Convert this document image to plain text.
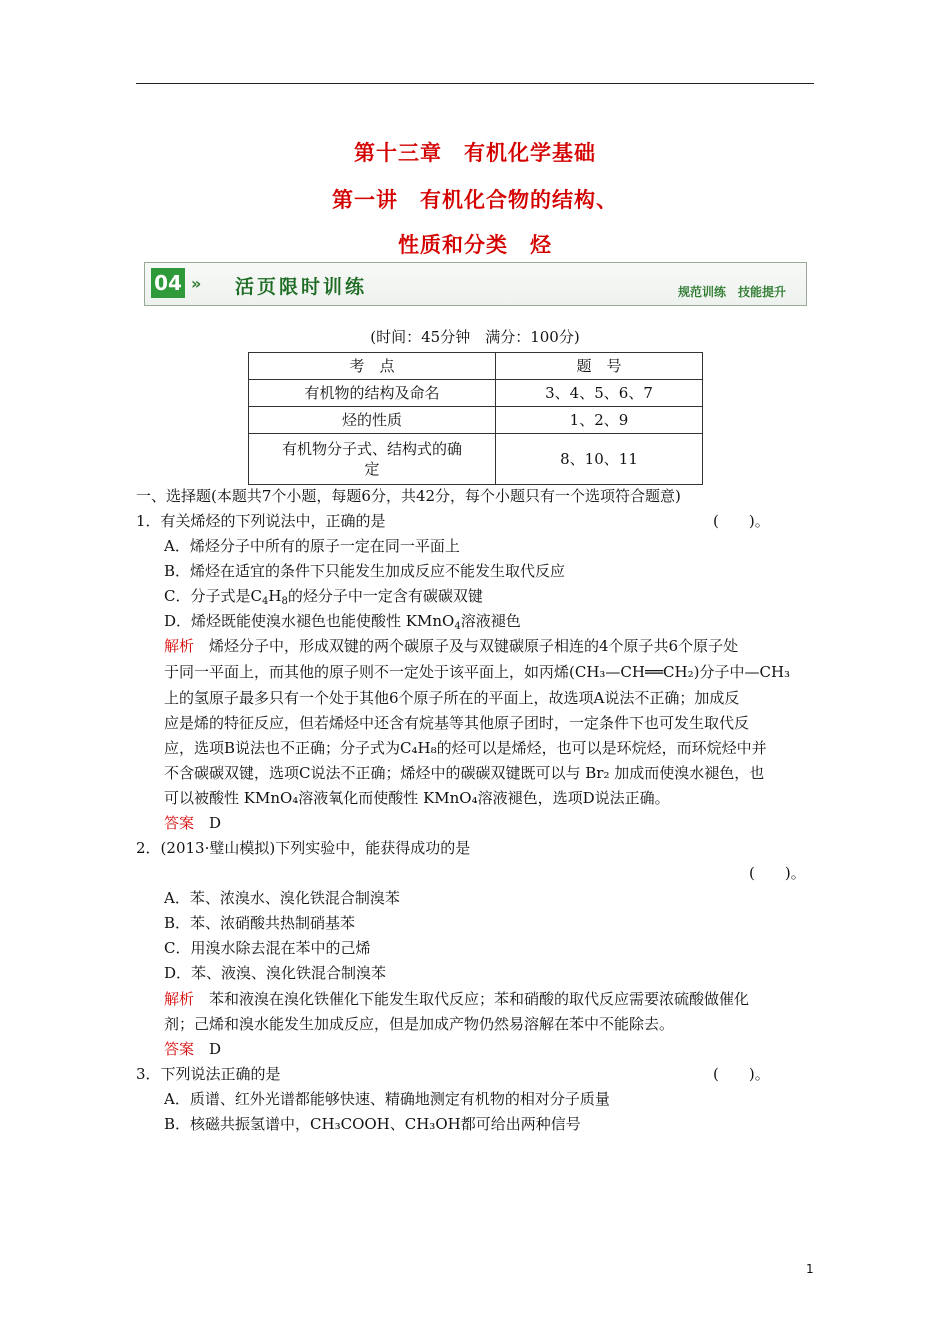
第十三章　有机化学基础
第一讲　有机化合物的结构、
性质和分类　烃
04 » 活页限时训练	规范训练　技能提升
(时间：45分钟　满分：100分)
考　点	题　号
有机物的结构及命名	3、4、5、6、7
烃的性质	1、2、9
有机物分子式、结构式的确
定	8、10、11
一、选择题(本题共7个小题，每题6分，共42分，每个小题只有一个选项符合题意)
1．有关烯烃的下列说法中，正确的是	(　　)。
A．烯烃分子中所有的原子一定在同一平面上
B．烯烃在适宜的条件下只能发生加成反应不能发生取代反应
C．分子式是$C_4H_8$的烃分子中一定含有碳碳双键
D．烯烃既能使溴水褪色也能使酸性 KMnO$_4$溶液褪色
解析　烯烃分子中，形成双键的两个碳原子及与双键碳原子相连的4个原子共6个原子处
于同一平面上，而其他的原子则不一定处于该平面上，如丙烯(CH₃—CH══CH₂)分子中—CH₃
上的氢原子最多只有一个处于其他6个原子所在的平面上，故选项A说法不正确；加成反
应是烯的特征反应，但若烯烃中还含有烷基等其他原子团时，一定条件下也可发生取代反
应，选项B说法也不正确；分子式为C₄H₈的烃可以是烯烃，也可以是环烷烃，而环烷烃中并
不含碳碳双键，选项C说法不正确；烯烃中的碳碳双键既可以与 Br₂ 加成而使溴水褪色，也
可以被酸性 KMnO₄溶液氧化而使酸性 KMnO₄溶液褪色，选项D说法正确。
答案　D
2．(2013·璧山模拟)下列实验中，能获得成功的是
(　　)。
A．苯、浓溴水、溴化铁混合制溴苯
B．苯、浓硝酸共热制硝基苯
C．用溴水除去混在苯中的己烯
D．苯、液溴、溴化铁混合制溴苯
解析　苯和液溴在溴化铁催化下能发生取代反应；苯和硝酸的取代反应需要浓硫酸做催化
剂；己烯和溴水能发生加成反应，但是加成产物仍然易溶解在苯中不能除去。
答案　D
3．下列说法正确的是	(　　)。
A．质谱、红外光谱都能够快速、精确地测定有机物的相对分子质量
B．核磁共振氢谱中，CH₃COOH、CH₃OH都可给出两种信号
1
